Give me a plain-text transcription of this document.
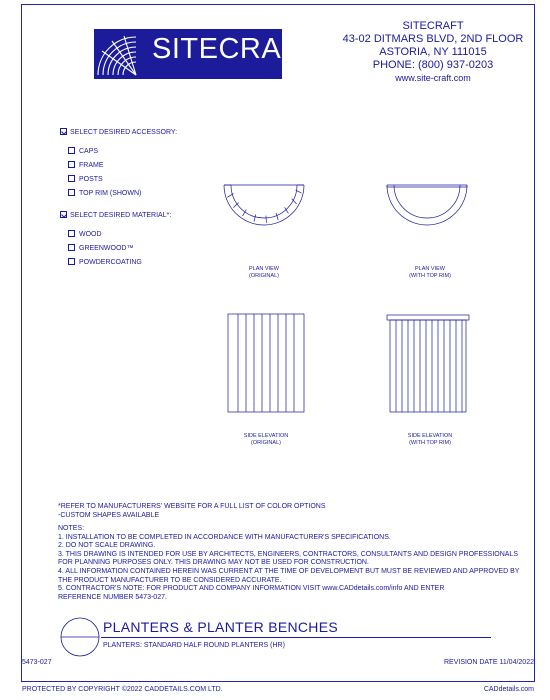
SITECRAFT
SITECRAFT
43-02 DITMARS BLVD, 2ND FLOOR
ASTORIA, NY 111015
PHONE: (800) 937-0203
www.site-craft.com
SELECT DESIRED ACCESSORY:
CAPS
FRAME
POSTS
TOP RIM (SHOWN)
SELECT DESIRED MATERIAL*:
WOOD
GREENWOOD™
POWDERCOATING
PLAN VIEW
(ORIGINAL)
PLAN VIEW
(WITH TOP RIM)
SIDE ELEVATION
(ORIGINAL)
SIDE ELEVATION
(WITH TOP RIM)
*REFER TO MANUFACTURERS' WEBSITE FOR A FULL LIST OF COLOR OPTIONS
-CUSTOM SHAPES AVAILABLE
NOTES:
1. INSTALLATION TO BE COMPLETED IN ACCORDANCE WITH MANUFACTURER'S SPECIFICATIONS.
2. DO NOT SCALE DRAWING.
3. THIS DRAWING IS INTENDED FOR USE BY ARCHITECTS, ENGINEERS, CONTRACTORS, CONSULTANTS AND DESIGN PROFESSIONALS
FOR PLANNING PURPOSES ONLY. THIS DRAWING MAY NOT BE USED FOR CONSTRUCTION.
4. ALL INFORMATION CONTAINED HEREIN WAS CURRENT AT THE TIME OF DEVELOPMENT BUT MUST BE REVIEWED AND APPROVED BY
THE PRODUCT MANUFACTURER TO BE CONSIDERED ACCURATE.
5. CONTRACTOR'S NOTE: FOR PRODUCT AND COMPANY INFORMATION VISIT www.CADdetails.com/info AND ENTER
REFERENCE NUMBER 5473-027.
PLANTERS & PLANTER BENCHES
PLANTERS: STANDARD HALF ROUND PLANTERS (HR)
5473-027	REVISION DATE 11/04/2022
PROTECTED BY COPYRIGHT ©2022 CADDETAILS.COM LTD.	CADdetails.com
